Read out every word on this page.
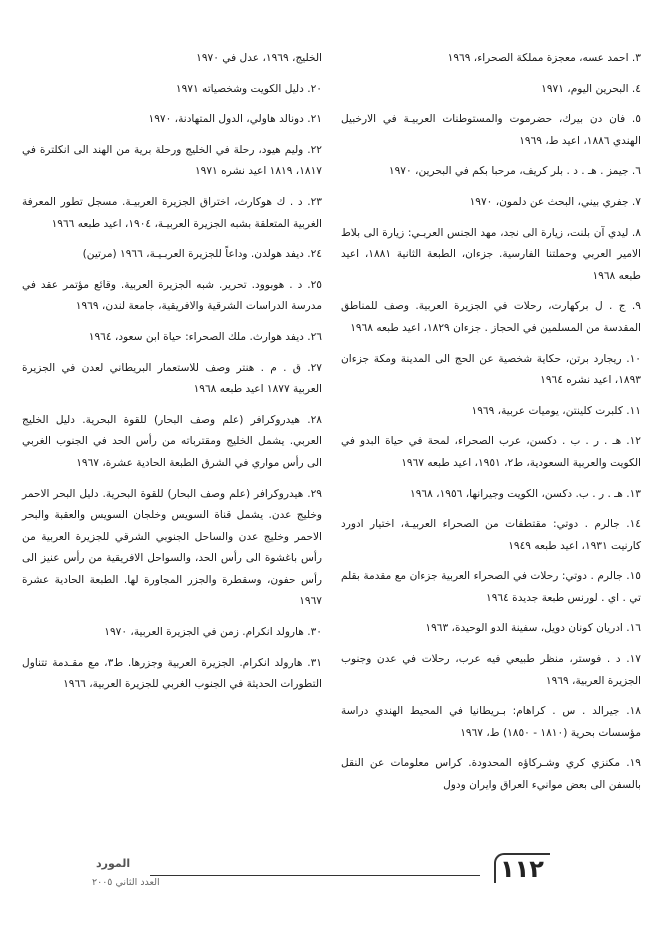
٣. احمد عسه، معجزة مملكة الصحراء، ١٩٦٩
٤. البحرين اليوم، ١٩٧١
٥. فان دن بيرك، حضرموت والمستوطنات العربيـة في الارخبيل الهندي ١٨٨٦، اعيد ط، ١٩٦٩
٦. جيمز . هـ . د . بلر كريف، مرحبا بكم في البحرين، ١٩٧٠
٧. جفري بيني، البحث عن دلمون، ١٩٧٠
٨. ليدي آن بلنت، زيارة الى نجد، مهد الجنس العربـي: زيارة الى بلاط الامير العربي وحملتنا الفارسية. جزءان، الطبعة الثانية ١٨٨١، اعيد طبعه ١٩٦٨
٩. ج . ل بركهارت، رحلات في الجزيرة العربية. وصف للمناطق المقدسة من المسلمين في الحجاز . جزءان ١٨٢٩، اعيد طبعه ١٩٦٨
١٠. ريجارد برتن، حكاية شخصية عن الحج الى المدينة ومكة جزءان ١٨٩٣، اعيد نشره ١٩٦٤
١١. كلبرت كلينتن، يوميات عربية، ١٩٦٩
١٢. هـ . ر . ب . دكسن، عرب الصحراء، لمحة في حياة البدو في الكويت والعربية السعودية، ط٢، ١٩٥١، اعيد طبعه ١٩٦٧
١٣. هـ . ر . ب. دكسن، الكويت وجيرانها، ١٩٥٦، ١٩٦٨
١٤. جالرم . دوتي: مقتطفات من الصحراء العربيـة، اختيار ادورد كارنيت ١٩٣١، اعيد طبعه ١٩٤٩
١٥. جالرم . دوتي: رحلات في الصحراء العربية جزءان مع مقدمة بقلم تي . اي . لورنس طبعة جديدة ١٩٦٤
١٦. ادريان كونان دويل، سفينة الدو الوحيدة، ١٩٦٣
١٧. د . فوستر، منظر طبيعي فيه عرب، رحلات في عدن وجنوب الجزيرة العربية، ١٩٦٩
١٨. جيرالد . س . كراهام: بـريطانيا في المحيط الهندي دراسة مؤسسات بحرية (١٨١٠ - ١٨٥٠) ط، ١٩٦٧
١٩. مكنزي كري وشـركاؤه المحدودة. كراس معلومات عن النقل بالسفن الى بعض موانيء العراق وايران ودول
الخليج، ١٩٦٩، عدل في ١٩٧٠
٢٠. دليل الكويت وشخصياته ١٩٧١
٢١. دونالد هاولي، الدول المتهادنة، ١٩٧٠
٢٢. وليم هيود، رحلة في الخليج ورحلة برية من الهند الى انكلترة في ١٨١٧، ١٨١٩ اعيد نشره ١٩٧١
٢٣. د . ك هوكارث، اختراق الجزيرة العربيـة. مسجل تطور المعرفة الغربية المتعلقة بشبه الجزيرة العربيـة، ١٩٠٤، اعيد طبعه ١٩٦٦
٢٤. ديفد هولدن. وداعاً للجزيرة العربـيـة، ١٩٦٦ (مرتين)
٢٥. د . هوبوود. تحرير. شبه الجزيرة العربية. وقائع مؤتمر عقد في مدرسة الدراسات الشرقية والافريقية، جامعة لندن، ١٩٦٩
٢٦. ديفد هوارث. ملك الصحراء: حياة ابن سعود، ١٩٦٤
٢٧. ق . م . هنتر وصف للاستعمار البريطاني لعدن في الجزيرة العربية ١٨٧٧ اعيد طبعه ١٩٦٨
٢٨. هيدروكرافر (علم وصف البحار) للقوة البحرية. دليل الخليج العربي. يشمل الخليج ومقترباته من رأس الحد في الجنوب الغربي الى رأس مواري في الشرق الطبعة الحادية عشرة، ١٩٦٧
٢٩. هيدروكرافر (علم وصف البحار) للقوة البحرية. دليل البحر الاحمر وخليج عدن. يشمل قناة السويس وخلجان السويس والعقبة والبحر الاحمر وخليج عدن والساحل الجنوبي الشرقي للجزيرة العربية من رأس باغشوة الى رأس الحد، والسواحل الافريقية من رأس عنيز الى رأس حفون، وسقطرة والجزر المجاورة لها. الطبعة الحادية عشرة ١٩٦٧
٣٠. هارولد انكرام. زمن في الجزيرة العربية، ١٩٧٠
٣١. هارولد انكرام. الجزيرة العربية وجزرها. ط٣، مع مقـدمة تتناول التطورات الحديثة في الجنوب الغربي للجزيرة العربية، ١٩٦٦
١١٢
المورد
العدد الثاني ٢٠٠٥
